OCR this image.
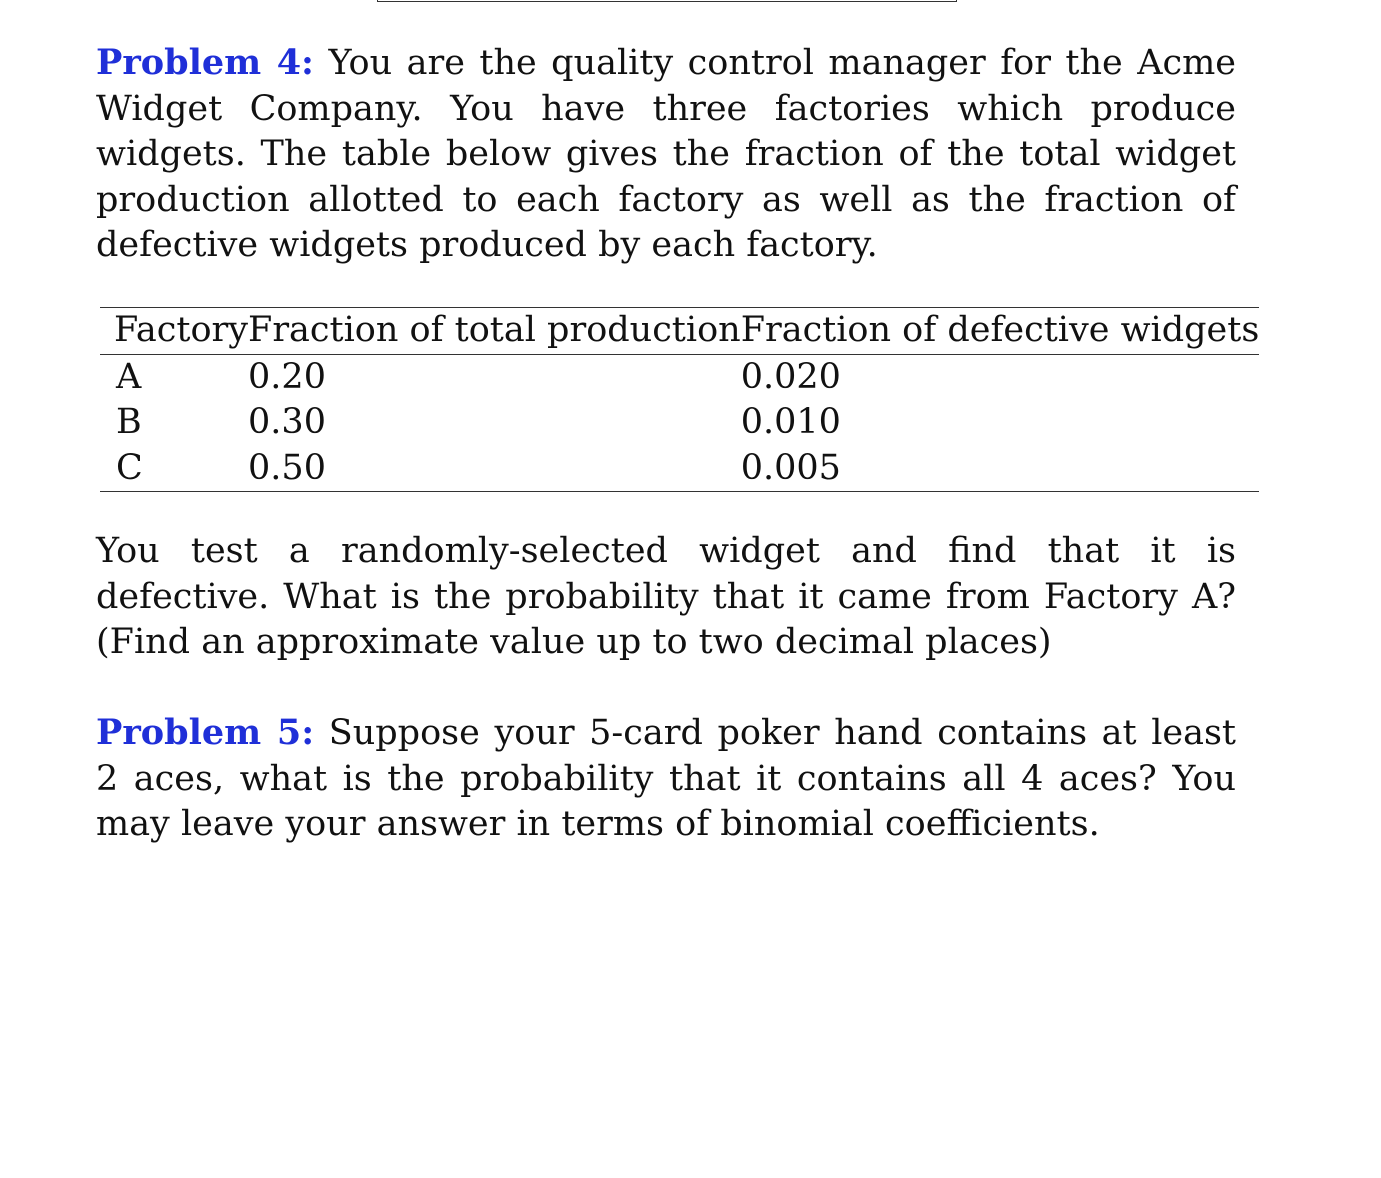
Problem 4: You are the quality control manager for the Acme Widget Company. You have three factories which produce widgets. The table below gives the fraction of the total widget production allotted to each factory as well as the fraction of defective widgets produced by each factory.

Factory	Fraction of total production	Fraction of defective widgets
A	0.20	0.020
B	0.30	0.010
C	0.50	0.005

You test a randomly-selected widget and find that it is defective. What is the probability that it came from Factory A? (Find an approximate value up to two decimal places)

Problem 5: Suppose your 5-card poker hand contains at least 2 aces, what is the probability that it contains all 4 aces? You may leave your answer in terms of binomial coefficients.
